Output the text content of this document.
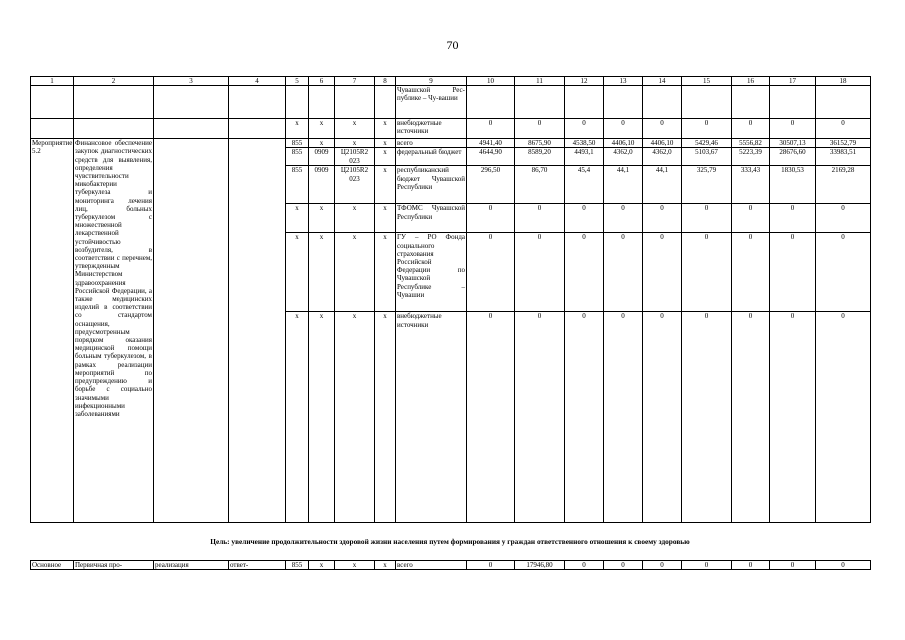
70
1	2	3	4	5	6	7	8	9	10	11	12	13	14	15	16	17	18
								Чувашской Рес-публике – Чу-вашии									
				x	x	x	x	внебюджетные источники	0	0	0	0	0	0	0	0	0
Мероприятие 5.2	Финансовое обеспечение закупок диагностических средств для выявления, определения чувствительности микобактерии туберкулеза и мониторинга лечения лиц, больных туберкулезом с множественной лекарственной устойчивостью возбудителя, в соответствии с перечнем, утвержденным Министерством здравоохранения Российской Федерации, а также медицинских изделий в соответствии со стандартом оснащения, предусмотренным порядком оказания медицинской помощи больным туберкулезом, в рамках реализации мероприятий по предупреждению и борьбе с социально значимыми инфекционными заболеваниями			855	x	x	x	всего	4941,40	8675,90	4538,50	4406,10	4406,10	5429,46	5556,82	30507,13	36152,79
				855	0909	Ц2105R2 023	x	федеральный бюджет	4644,90	8589,20	4493,1	4362,0	4362,0	5103,67	5223,39	28676,60	33983,51
				855	0909	Ц2105R2 023	x	республиканский бюджет Чувашской Республики	296,50	86,70	45,4	44,1	44,1	325,79	333,43	1830,53	2169,28
				x	x	x	x	ТФОМС Чувашской Республики	0	0	0	0	0	0	0	0	0
				x	x	x	x	ГУ – РО Фонда социального страхования Российской Федерации по Чувашской Республике – Чувашии	0	0	0	0	0	0	0	0	0
				x	x	x	x	внебюджетные источники	0	0	0	0	0	0	0	0	0
Цель: увеличение продолжительности здоровой жизни населения путем формирования у граждан ответственного отношения к своему здоровью
Основное	Первичная про-	реализация	ответ-	855	x	x	x	всего	0	17946,80	0	0	0	0	0	0	0
